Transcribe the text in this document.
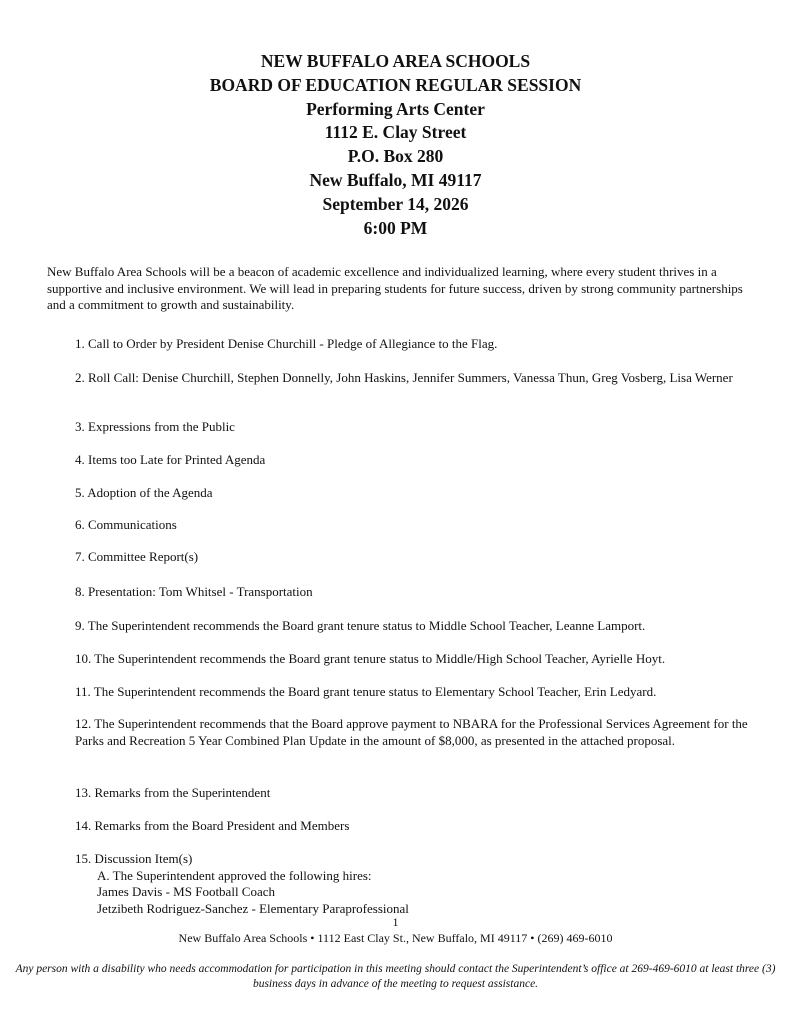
NEW BUFFALO AREA SCHOOLS
BOARD OF EDUCATION REGULAR SESSION
Performing Arts Center
1112 E. Clay Street
P.O. Box 280
New Buffalo, MI 49117
September 14, 2026
6:00 PM
New Buffalo Area Schools will be a beacon of academic excellence and individualized learning, where every student thrives in a supportive and inclusive environment. We will lead in preparing students for future success, driven by strong community partnerships and a commitment to growth and sustainability.
1. Call to Order by President Denise Churchill - Pledge of Allegiance to the Flag.
2. Roll Call: Denise Churchill, Stephen Donnelly, John Haskins, Jennifer Summers, Vanessa Thun, Greg Vosberg, Lisa Werner
3. Expressions from the Public
4. Items too Late for Printed Agenda
5. Adoption of the Agenda
6. Communications
7. Committee Report(s)
8. Presentation: Tom Whitsel - Transportation
9. The Superintendent recommends the Board grant tenure status to Middle School Teacher, Leanne Lamport.
10. The Superintendent recommends the Board grant tenure status to Middle/High School Teacher, Ayrielle Hoyt.
11. The Superintendent recommends the Board grant tenure status to Elementary School Teacher, Erin Ledyard.
12. The Superintendent recommends that the Board approve payment to NBARA for the Professional Services Agreement for the Parks and Recreation 5 Year Combined Plan Update in the amount of $8,000, as presented in the attached proposal.
13. Remarks from the Superintendent
14. Remarks from the Board President and Members
15. Discussion Item(s)
A. The Superintendent approved the following hires:
James Davis - MS Football Coach
Jetzibeth Rodriguez-Sanchez - Elementary Paraprofessional
1
New Buffalo Area Schools • 1112 East Clay St., New Buffalo, MI 49117 • (269) 469-6010
Any person with a disability who needs accommodation for participation in this meeting should contact the Superintendent’s office at 269-469-6010 at least three (3) business days in advance of the meeting to request assistance.
